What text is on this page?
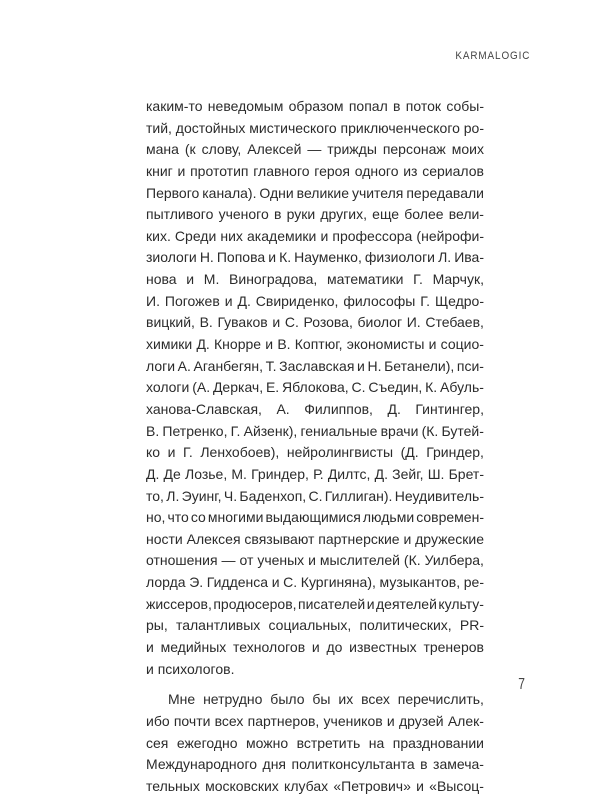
KARMALOGIC
каким-то неведомым образом попал в поток собы-
тий, достойных мистического приключенческого ро-
мана (к слову, Алексей — трижды персонаж моих
книг и прототип главного героя одного из сериалов
Первого канала). Одни великие учителя передавали
пытливого ученого в руки других, еще более вели-
ких. Среди них академики и профессора (нейрофи-
зиологи Н. Попова и К. Науменко, физиологи Л. Ива-
нова и М. Виноградова, математики Г. Марчук,
И. Погожев и Д. Свириденко, философы Г. Щедро-
вицкий, В. Гуваков и С. Розова, биолог И. Стебаев,
химики Д. Кнорре и В. Коптюг, экономисты и социо-
логи А. Аганбегян, Т. Заславская и Н. Бетанели), пси-
хологи (А. Деркач, Е. Яблокова, С. Съедин, К. Абуль-
ханова-Славская, А. Филиппов, Д. Гинтингер,
В. Петренко, Г. Айзенк), гениальные врачи (К. Бутей-
ко и Г. Ленхобоев), нейролингвисты (Д. Гриндер,
Д. Де Лозье, М. Гриндер, Р. Дилтс, Д. Зейг, Ш. Брет-
то, Л. Эуинг, Ч. Баденхоп, С. Гиллиган). Неудивитель-
но, что со многими выдающимися людьми современ-
ности Алексея связывают партнерские и дружеские
отношения — от ученых и мыслителей (К. Уилбера,
лорда Э. Гидденса и С. Кургиняна), музыкантов, ре-
жиссеров, продюсеров, писателей и деятелей культу-
ры, талантливых социальных, политических, PR-
и медийных технологов и до известных тренеров
и психологов.
Мне нетрудно было бы их всех перечислить,
ибо почти всех партнеров, учеников и друзей Алек-
сея ежегодно можно встретить на праздновании
Международного дня политконсультанта в замеча-
тельных московских клубах «Петрович» и «Высоц-
7
